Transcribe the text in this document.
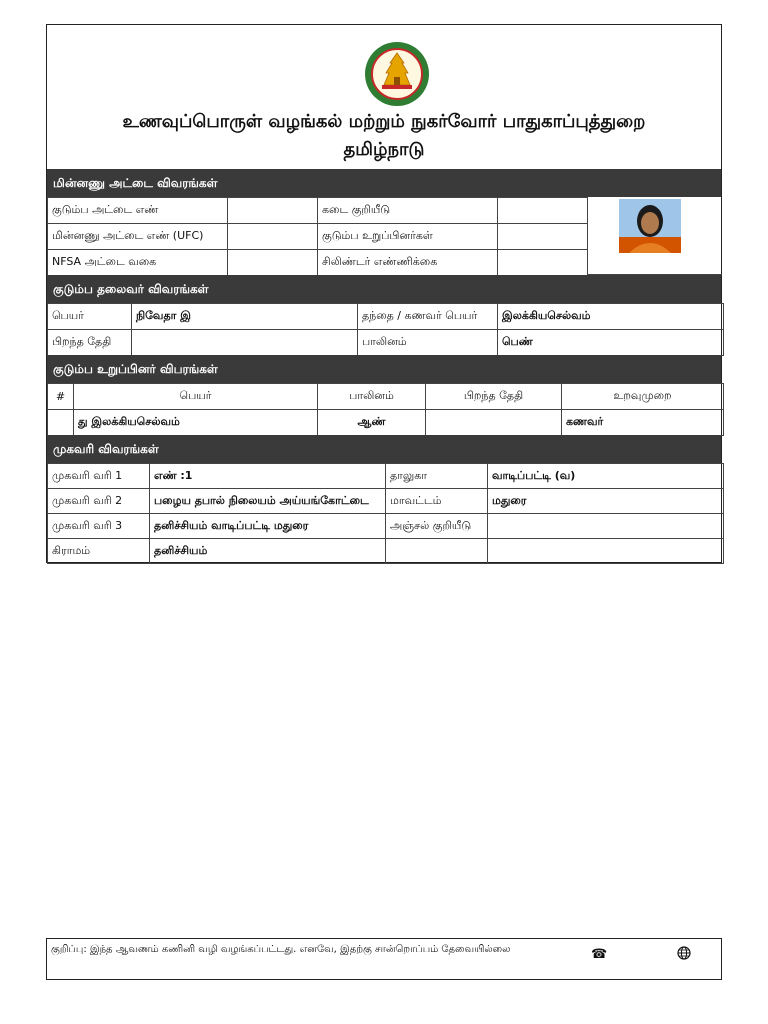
உணவுப்பொருள் வழங்கல் மற்றும் நுகர்வோர் பாதுகாப்புத்துறை
தமிழ்நாடு
மின்னணு அட்டை விவரங்கள்
குடும்ப அட்டை எண்		கடை குறியீடு	
மின்னணு அட்டை எண் (UFC)		குடும்ப உறுப்பினர்கள்	
NFSA அட்டை வகை		சிலிண்டர் எண்ணிக்கை	
குடும்ப தலைவர் விவரங்கள்
பெயர்	நிவேதா இ	தந்தை / கணவர் பெயர்	இலக்கியசெல்வம்
பிறந்த தேதி		பாலினம்	பெண்
குடும்ப உறுப்பினர் விபரங்கள்
#	பெயர்	பாலினம்	பிறந்த தேதி	உறவுமுறை
	து இலக்கியசெல்வம்	ஆண்		கணவர்
முகவரி விவரங்கள்
முகவரி வரி 1	எண் :1	தாலுகா	வாடிப்பட்டி (வ)
முகவரி வரி 2	பழைய தபால் நிலையம் அய்யங்கோட்டை	மாவட்டம்	மதுரை
முகவரி வரி 3	தனிச்சியம் வாடிப்பட்டி மதுரை	அஞ்சல் குறியீடு	
கிராமம்	தனிச்சியம்		
குறிப்பு: இந்த ஆவணம் கணினி வழி வழங்கப்பட்டது. எனவே, இதற்கு சான்றொப்பம் தேவையில்லை	☎
